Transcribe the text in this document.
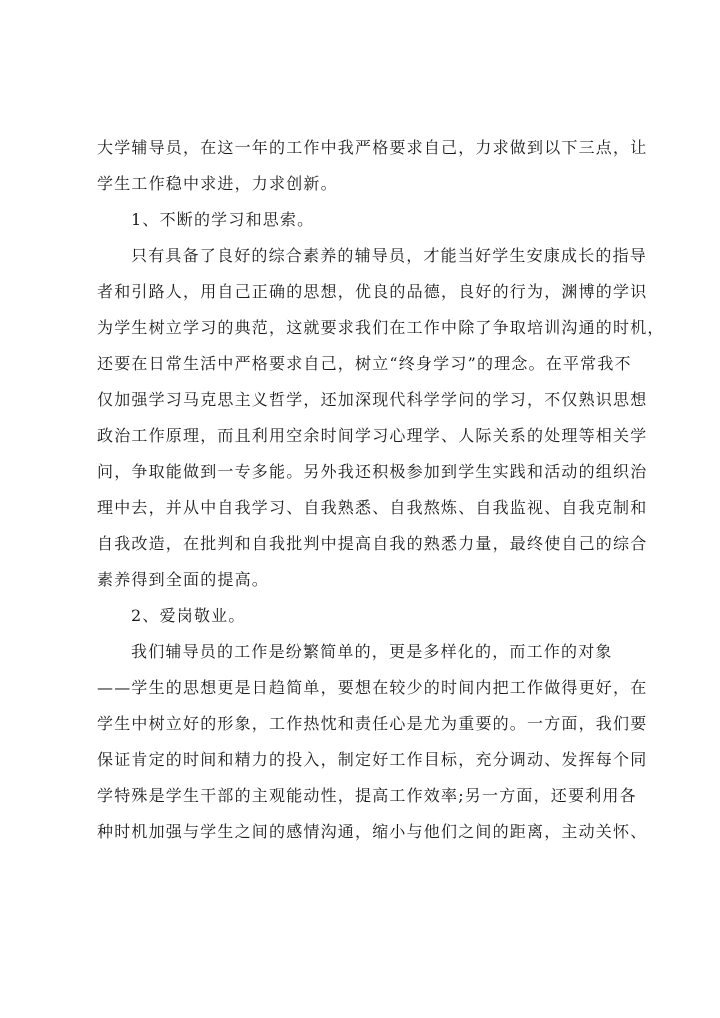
大学辅导员，在这一年的工作中我严格要求自己，力求做到以下三点，让
学生工作稳中求进，力求创新。
1、不断的学习和思索。
只有具备了良好的综合素养的辅导员，才能当好学生安康成长的指导
者和引路人，用自己正确的思想，优良的品德，良好的行为，渊博的学识
为学生树立学习的典范，这就要求我们在工作中除了争取培训沟通的时机，
还要在日常生活中严格要求自己，树立“终身学习”的理念。在平常我不
仅加强学习马克思主义哲学，还加深现代科学学问的学习，不仅熟识思想
政治工作原理，而且利用空余时间学习心理学、人际关系的处理等相关学
问，争取能做到一专多能。另外我还积极参加到学生实践和活动的组织治
理中去，并从中自我学习、自我熟悉、自我熬炼、自我监视、自我克制和
自我改造，在批判和自我批判中提高自我的熟悉力量，最终使自己的综合
素养得到全面的提高。
2、爱岗敬业。
我们辅导员的工作是纷繁简单的，更是多样化的，而工作的对象
——学生的思想更是日趋简单，要想在较少的时间内把工作做得更好，在
学生中树立好的形象，工作热忱和责任心是尤为重要的。一方面，我们要
保证肯定的时间和精力的投入，制定好工作目标，充分调动、发挥每个同
学特殊是学生干部的主观能动性，提高工作效率;另一方面，还要利用各
种时机加强与学生之间的感情沟通，缩小与他们之间的距离，主动关怀、
